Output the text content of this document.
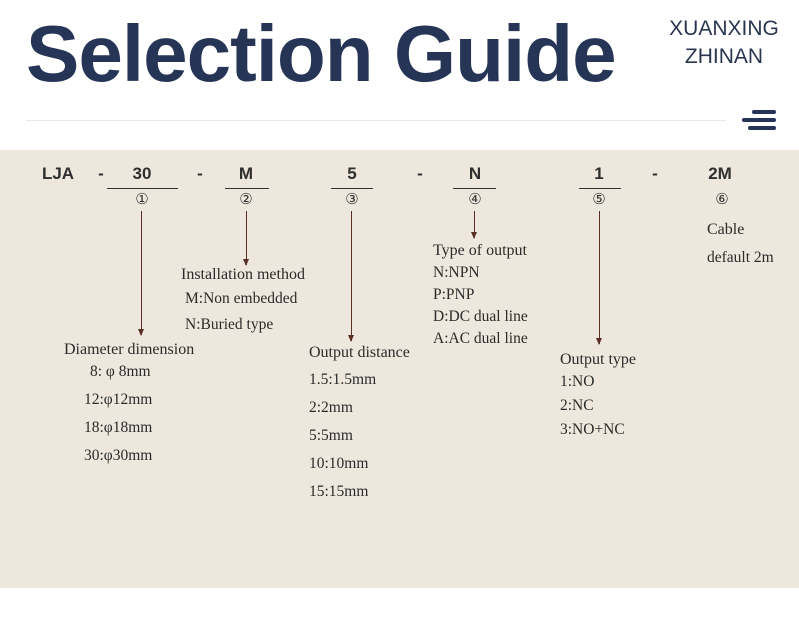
Selection Guide	XUANXING
ZHINAN
LJA - 30	- M	5	-	N	1	-	2M
①	②	③	④	⑤	⑥
Diameter dimension
8: φ 8mm
12:φ12mm
18:φ18mm
30:φ30mm
Installation method
M:Non embedded
N:Buried type
Output distance
1.5:1.5mm
2:2mm
5:5mm
10:10mm
15:15mm
Type of output
N:NPN
P:PNP
D:DC dual line
A:AC dual line
Output type
1:NO
2:NC
3:NO+NC
Cable
default 2m
